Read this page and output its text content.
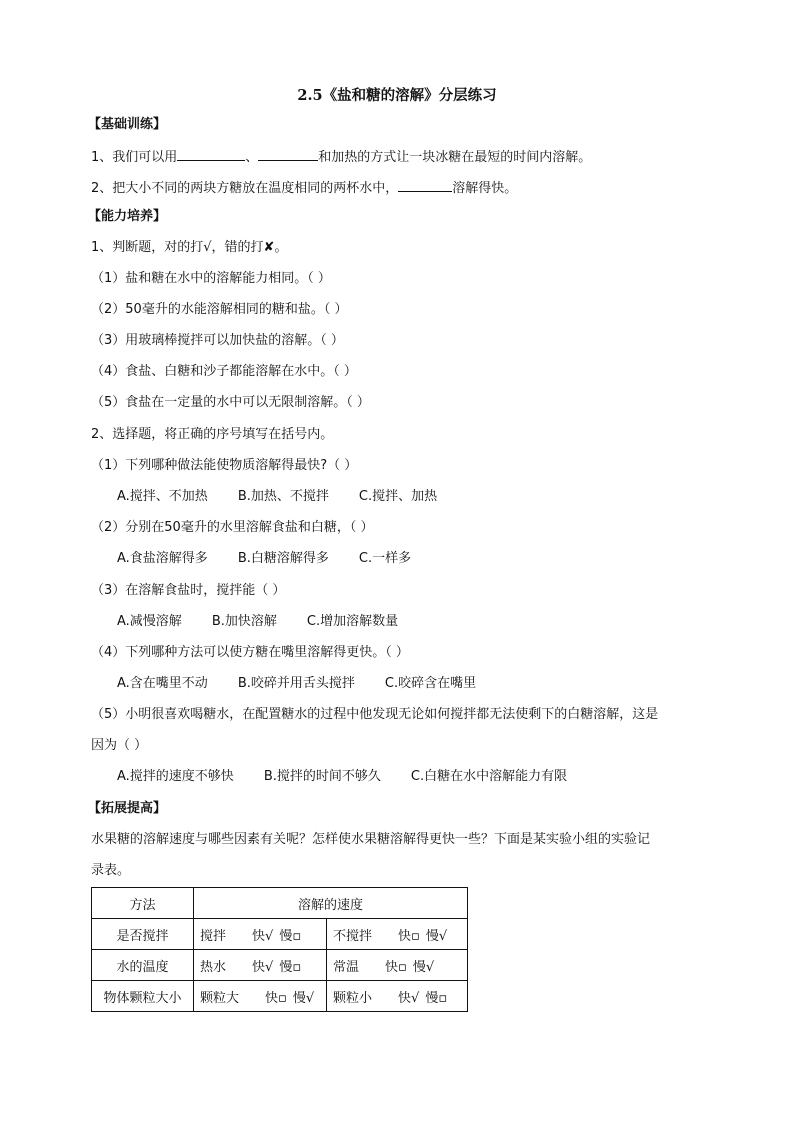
2.5《盐和糖的溶解》分层练习
【基础训练】
1、我们可以用	、	和加热的方式让一块冰糖在最短的时间内溶解。
2、把大小不同的两块方糖放在温度相同的两杯水中，	溶解得快。
【能力培养】
1、判断题，对的打√，错的打✘。
（1）盐和糖在水中的溶解能力相同。（ ）
（2）50毫升的水能溶解相同的糖和盐。（ ）
（3）用玻璃棒搅拌可以加快盐的溶解。（ ）
（4）食盐、白糖和沙子都能溶解在水中。（ ）
（5）食盐在一定量的水中可以无限制溶解。（ ）
2、选择题，将正确的序号填写在括号内。
（1）下列哪种做法能使物质溶解得最快?（ ）
A.搅拌、不加热 B.加热、不搅拌 C.搅拌、加热
（2）分别在50毫升的水里溶解食盐和白糖，（ ）
A.食盐溶解得多 B.白糖溶解得多 C.一样多
（3）在溶解食盐时，搅拌能（ ）
A.减慢溶解 B.加快溶解 C.增加溶解数量
（4）下列哪种方法可以使方糖在嘴里溶解得更快。（ ）
A.含在嘴里不动 B.咬碎并用舌头搅拌 C.咬碎含在嘴里
（5）小明很喜欢喝糖水，在配置糖水的过程中他发现无论如何搅拌都无法使剩下的白糖溶解，这是
因为（ ）
A.搅拌的速度不够快 B.搅拌的时间不够久 C.白糖在水中溶解能力有限
【拓展提高】
水果糖的溶解速度与哪些因素有关呢？怎样使水果糖溶解得更快一些？下面是某实验小组的实验记
录表。
方法	溶解的速度	
是否搅拌	搅拌 快√ 慢▫	不搅拌 快▫ 慢√
水的温度	热水 快√ 慢▫	常温 快▫ 慢√
物体颗粒大小	颗粒大 快▫ 慢√	颗粒小 快√ 慢▫
